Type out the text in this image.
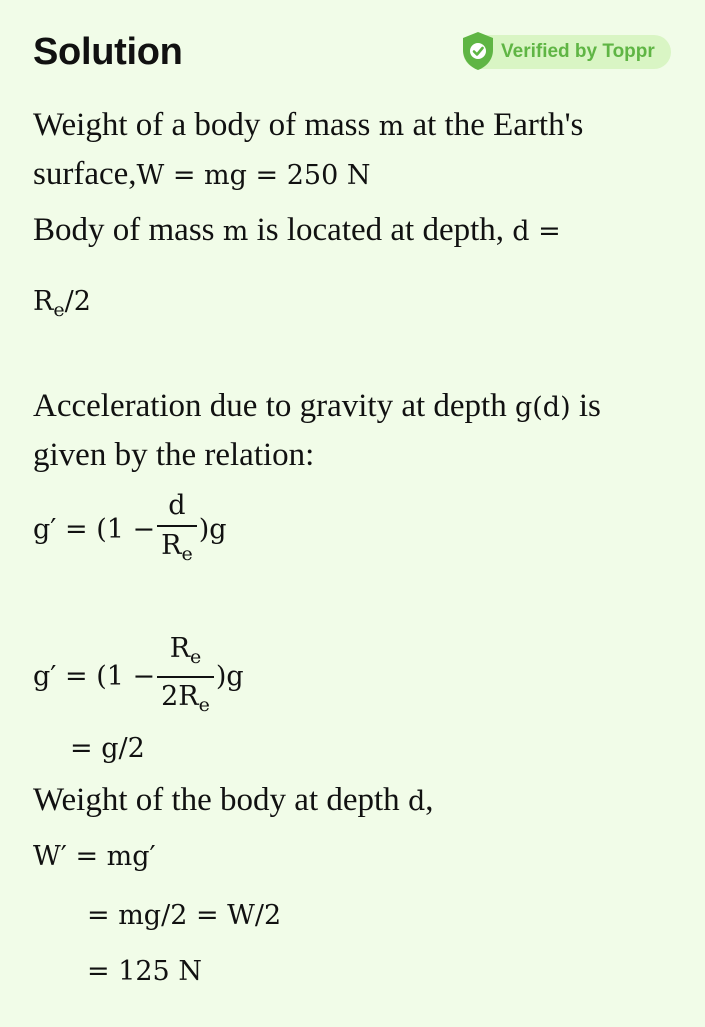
Solution	Verified by Toppr
Weight of a body of mass m at the Earth's
surface,W = mg = 250 N
Body of mass m is located at depth, d =
$R_e/2$
Acceleration due to gravity at depth g(d) is
given by the relation:
$g' = (1 - \frac{d}{R_e} )g$
$g' = (1 - \frac{R_e}{2R_e} )g$
= g/2
Weight of the body at depth d,
W′ = mg′
= mg/2 = W/2
= 125 N
